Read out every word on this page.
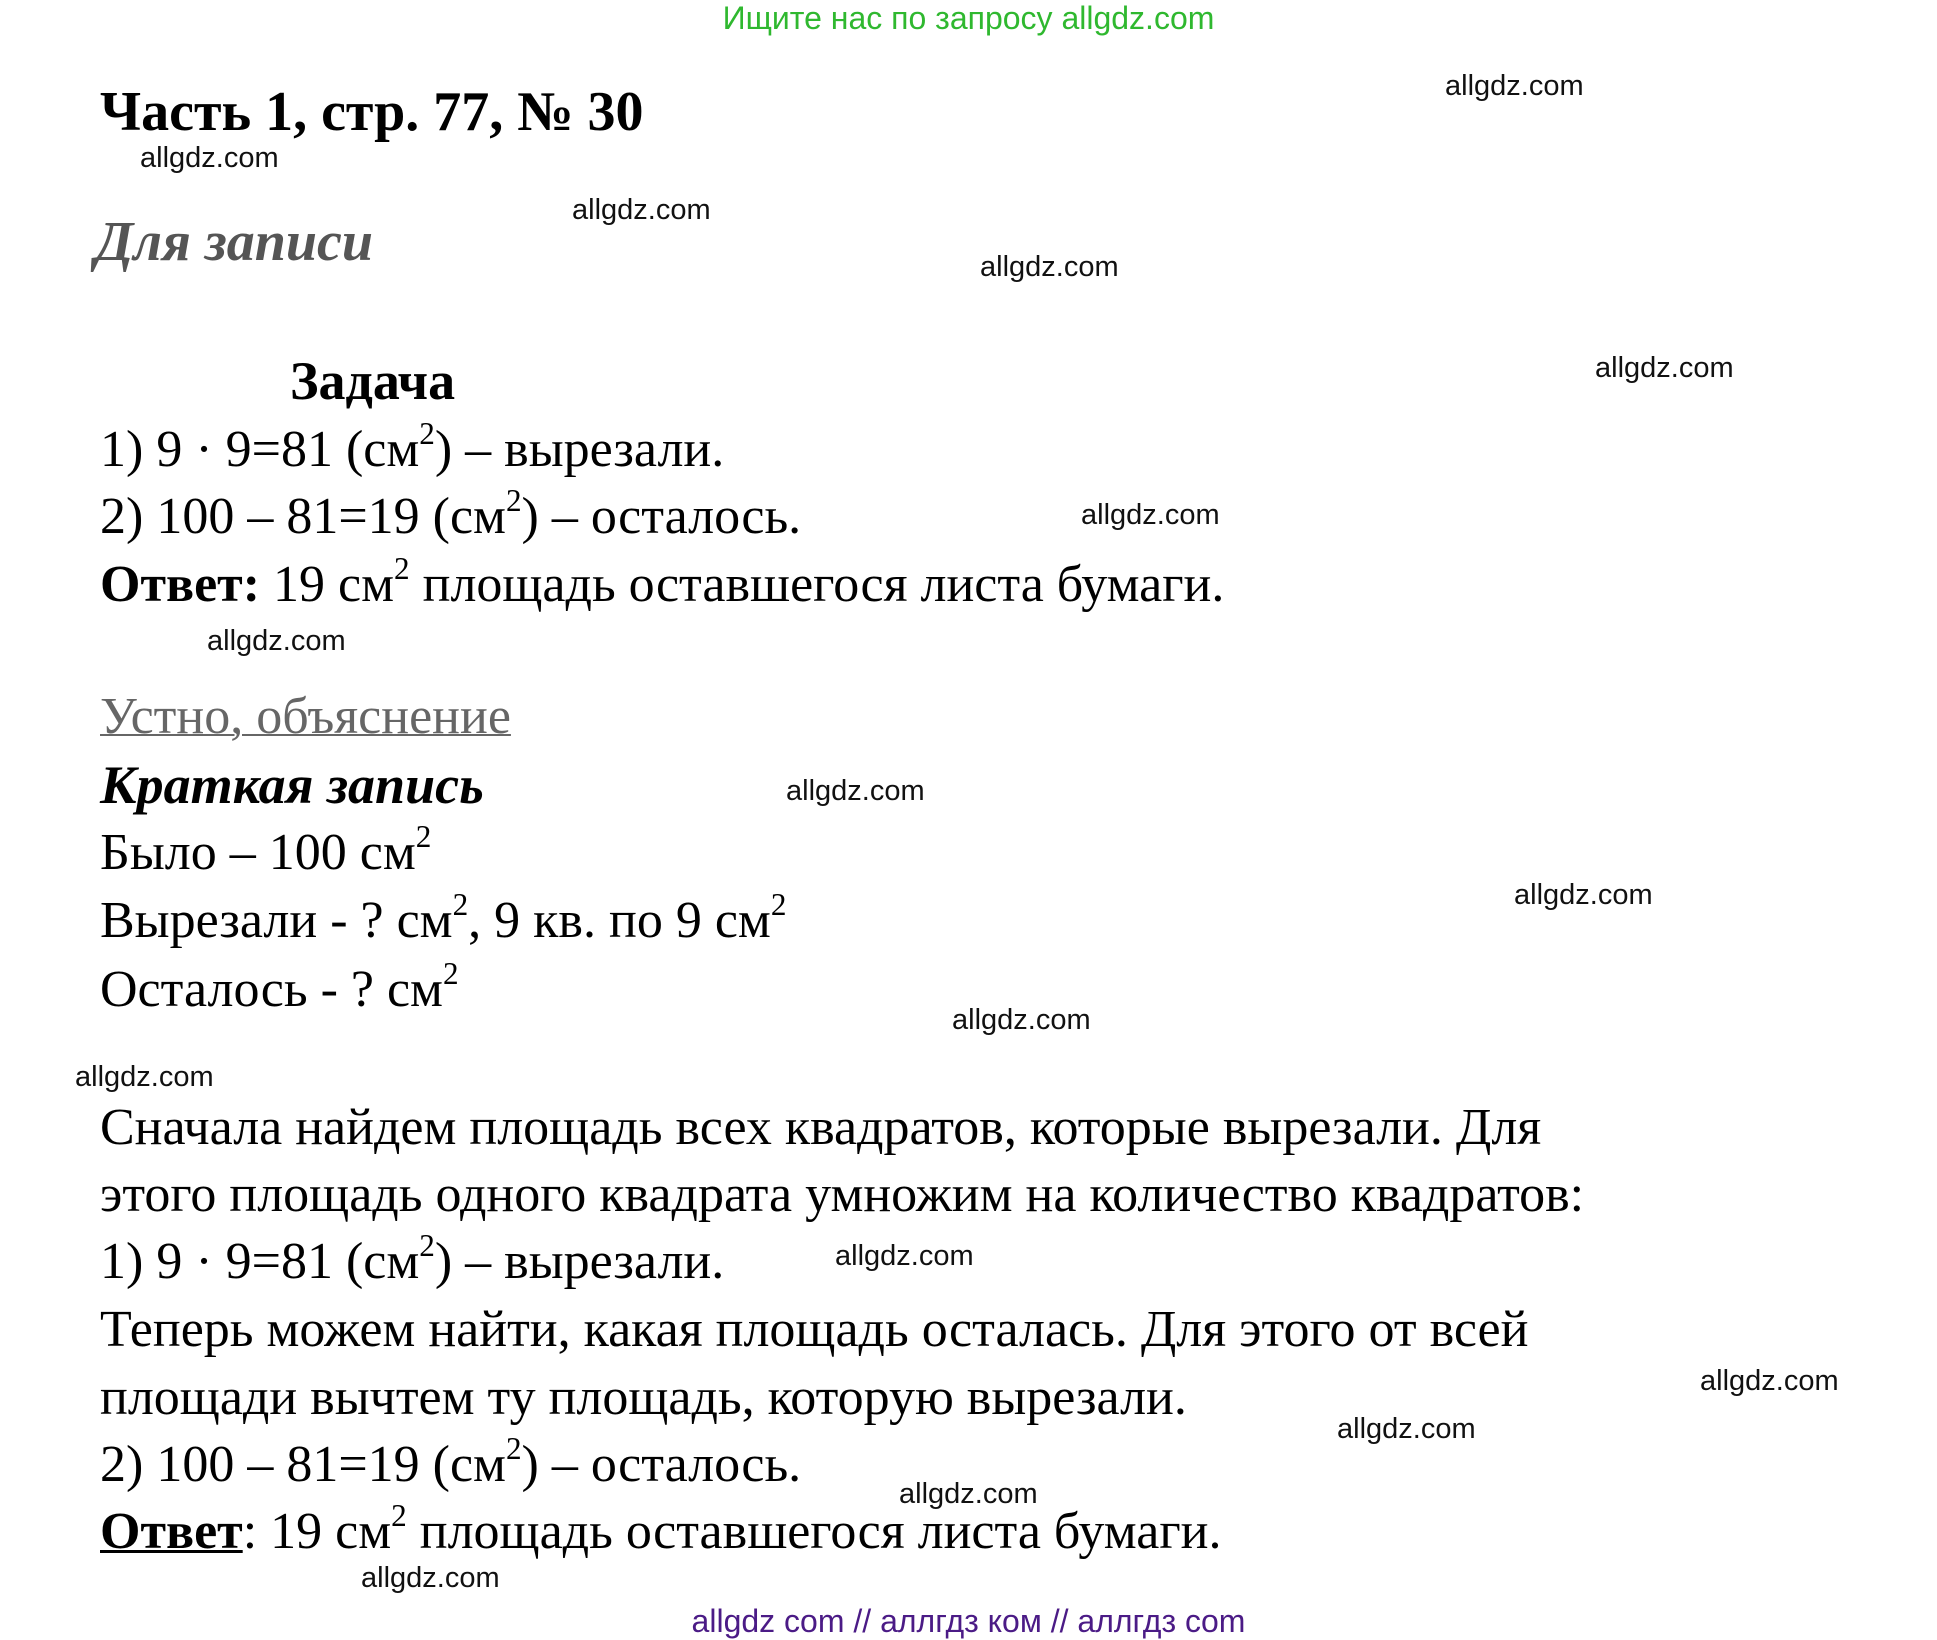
Ищите нас по запросу allgdz.com
Часть 1, стр. 77, № 30
Для записи
Задача
1) 9 · 9=81 $(см^2)$ – вырезали.
2) 100 – 81=19 $(см^2)$ – осталось.
Ответ: 19 $см^2$ площадь оставшегося листа бумаги.
Устно, объяснение
Краткая запись
Было – 100 $см^2$
Вырезали - ? $см^2$, 9 кв. по 9 $см^2$
Осталось - ? $см^2$
Сначала найдем площадь всех квадратов, которые вырезали. Для
этого площадь одного квадрата умножим на количество квадратов:
1) 9 · 9=81 $(см^2)$ – вырезали.
Теперь можем найти, какая площадь осталась. Для этого от всей
площади вычтем ту площадь, которую вырезали.
2) 100 – 81=19 $(см^2)$ – осталось.
Ответ: 19 $см^2$ площадь оставшегося листа бумаги.
allgdz.com
allgdz.com
allgdz.com
allgdz.com
allgdz.com
allgdz.com
allgdz.com
allgdz.com
allgdz.com
allgdz.com
allgdz.com
allgdz.com
allgdz.com
allgdz.com
allgdz.com
allgdz.com
allgdz com // аллгдз ком // аллгдз com
